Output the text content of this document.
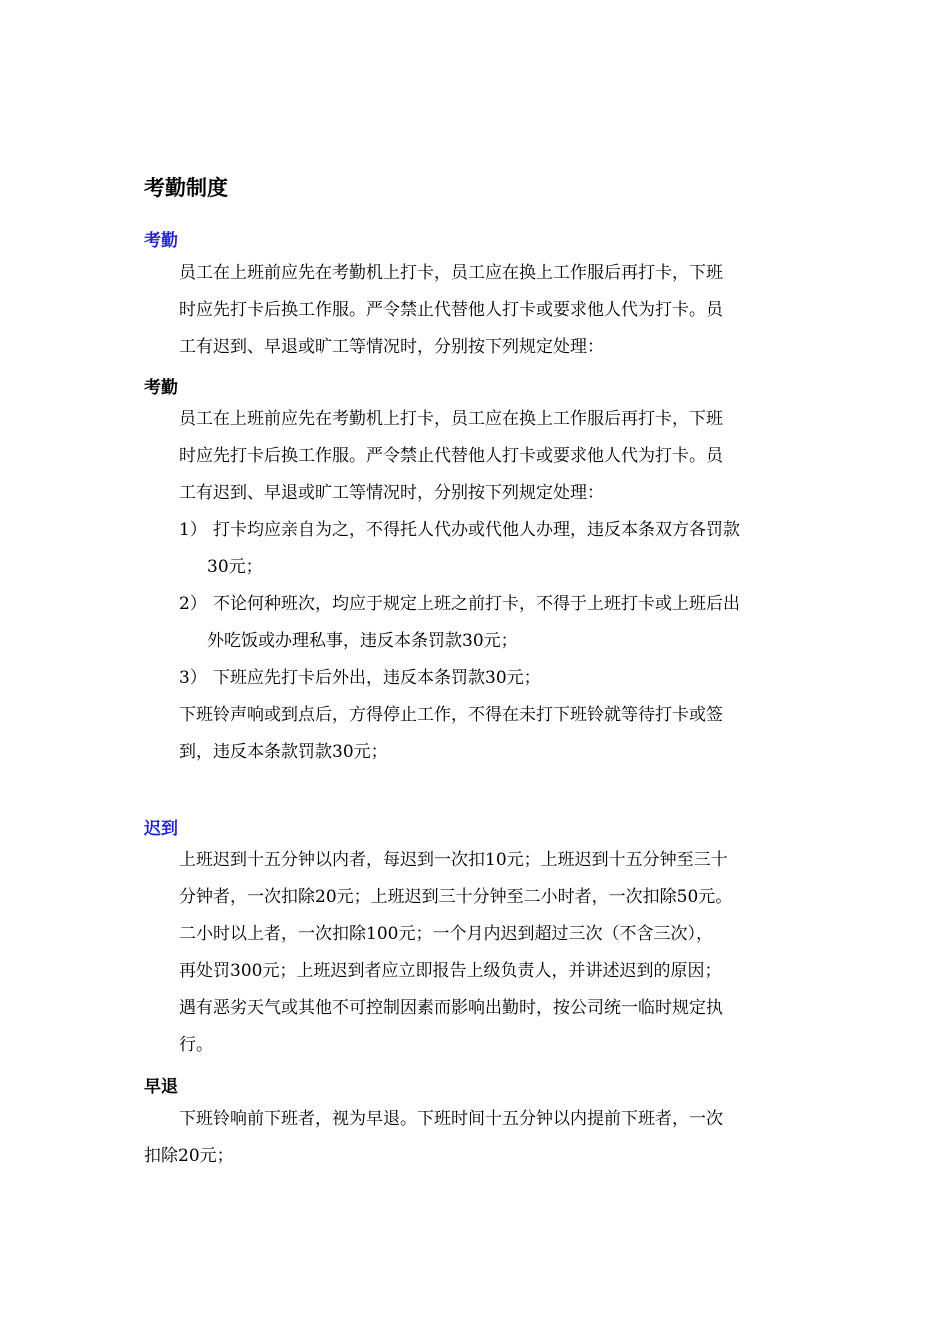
考勤制度
考勤
员工在上班前应先在考勤机上打卡，员工应在换上工作服后再打卡，下班
时应先打卡后换工作服。严令禁止代替他人打卡或要求他人代为打卡。员
工有迟到、早退或旷工等情况时，分别按下列规定处理：
考勤
员工在上班前应先在考勤机上打卡，员工应在换上工作服后再打卡，下班
时应先打卡后换工作服。严令禁止代替他人打卡或要求他人代为打卡。员
工有迟到、早退或旷工等情况时，分别按下列规定处理：
1） 打卡均应亲自为之，不得托人代办或代他人办理，违反本条双方各罚款
30元；
2） 不论何种班次，均应于规定上班之前打卡，不得于上班打卡或上班后出
外吃饭或办理私事，违反本条罚款30元；
3） 下班应先打卡后外出，违反本条罚款30元；
下班铃声响或到点后，方得停止工作，不得在未打下班铃就等待打卡或签
到，违反本条款罚款30元；
迟到
上班迟到十五分钟以内者，每迟到一次扣10元；上班迟到十五分钟至三十
分钟者，一次扣除20元；上班迟到三十分钟至二小时者，一次扣除50元。
二小时以上者，一次扣除100元；一个月内迟到超过三次（不含三次），
再处罚300元；上班迟到者应立即报告上级负责人，并讲述迟到的原因；
遇有恶劣天气或其他不可控制因素而影响出勤时，按公司统一临时规定执
行。
早退
下班铃响前下班者，视为早退。下班时间十五分钟以内提前下班者，一次
扣除20元；
